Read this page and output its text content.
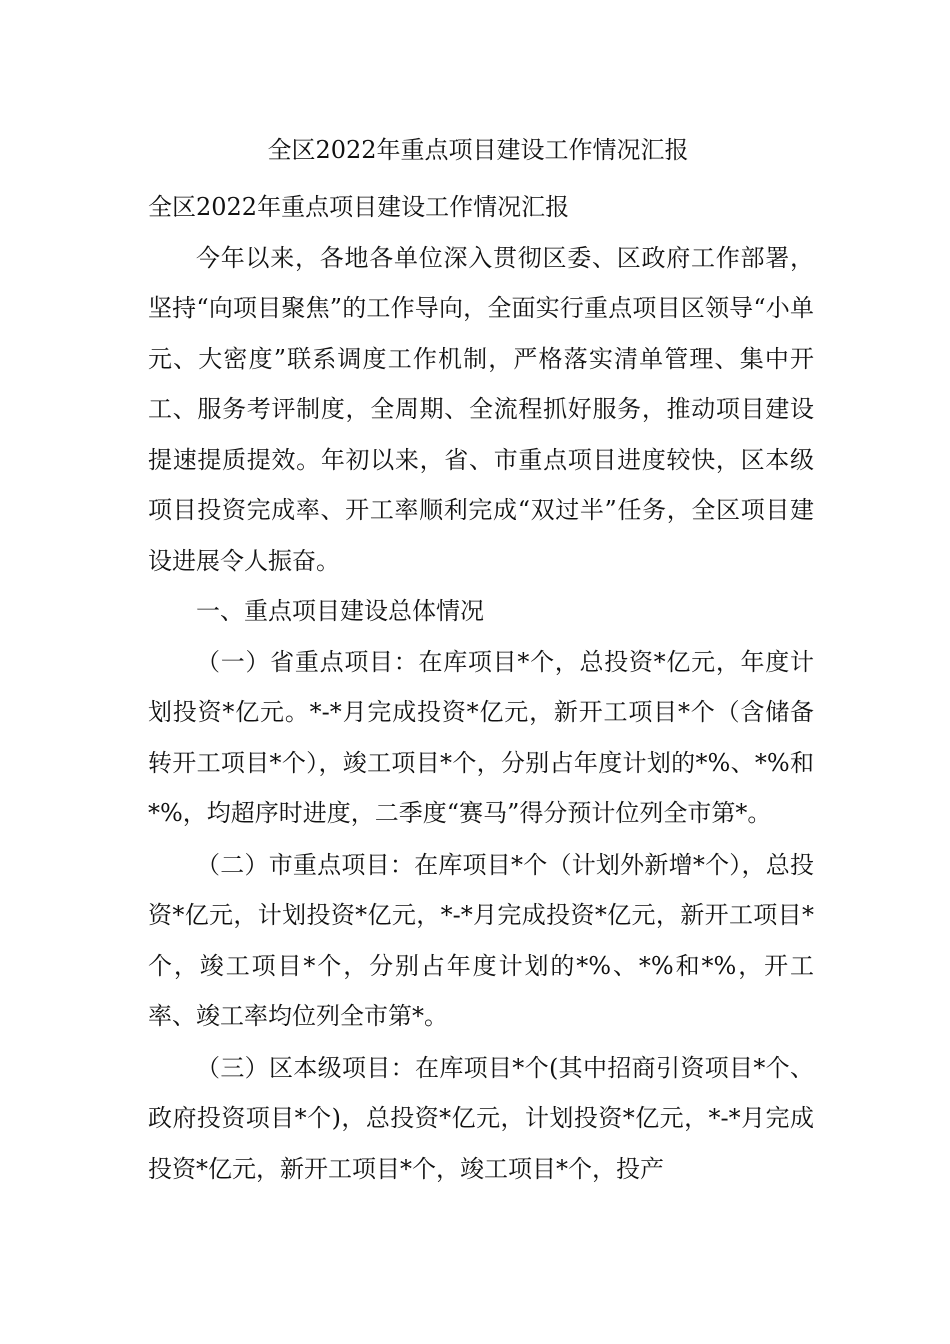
全区2022年重点项目建设工作情况汇报

全区2022年重点项目建设工作情况汇报

今年以来，各地各单位深入贯彻区委、区政府工作部署，坚持“向项目聚焦”的工作导向，全面实行重点项目区领导“小单元、大密度”联系调度工作机制，严格落实清单管理、集中开工、服务考评制度，全周期、全流程抓好服务，推动项目建设提速提质提效。年初以来，省、市重点项目进度较快，区本级项目投资完成率、开工率顺利完成“双过半”任务，全区项目建设进展令人振奋。

一、重点项目建设总体情况

（一）省重点项目：在库项目*个，总投资*亿元，年度计划投资*亿元。*-*月完成投资*亿元，新开工项目*个（含储备转开工项目*个），竣工项目*个，分别占年度计划的*%、*%和*%，均超序时进度，二季度“赛马”得分预计位列全市第*。

（二）市重点项目：在库项目*个（计划外新增*个），总投资*亿元，计划投资*亿元，*-*月完成投资*亿元，新开工项目*个，竣工项目*个，分别占年度计划的*%、*%和*%，开工率、竣工率均位列全市第*。

（三）区本级项目：在库项目*个(其中招商引资项目*个、政府投资项目*个)，总投资*亿元，计划投资*亿元，*-*月完成投资*亿元，新开工项目*个，竣工项目*个，投产
